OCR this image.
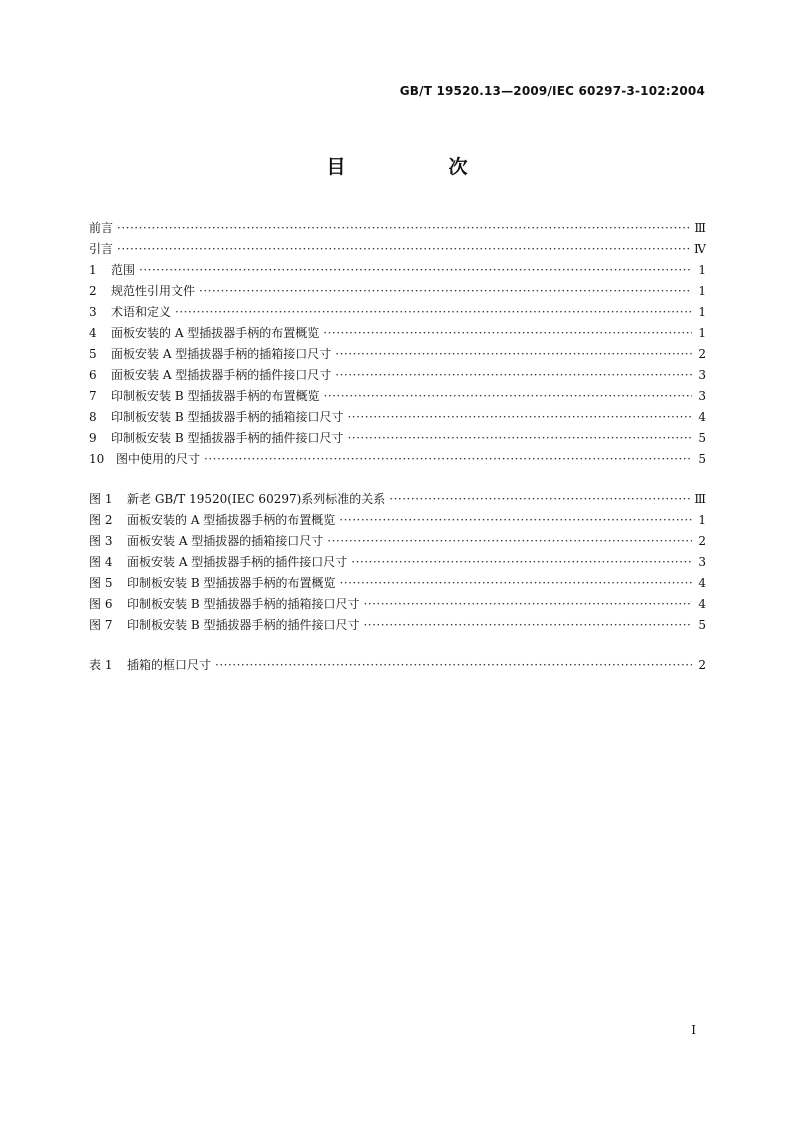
GB/T 19520.13—2009/IEC 60297-3-102:2004
目　次
前言 ·····	Ⅲ
引言 ·····	Ⅳ
1	范围 ·····	1
2	规范性引用文件 ·····	1
3	术语和定义 ·····	1
4	面板安装的 A 型插拔器手柄的布置概览 ·····	1
5	面板安装 A 型插拔器手柄的插箱接口尺寸 ·····	2
6	面板安装 A 型插拔器手柄的插件接口尺寸 ·····	3
7	印制板安装 B 型插拔器手柄的布置概览 ·····	3
8	印制板安装 B 型插拔器手柄的插箱接口尺寸 ·····	4
9	印制板安装 B 型插拔器手柄的插件接口尺寸 ·····	5
10 图中使用的尺寸 ·····	5
图 1	新老 GB/T 19520(IEC 60297)系列标准的关系 ·····	Ⅲ
图 2	面板安装的 A 型插拔器手柄的布置概览 ·····	1
图 3	面板安装 A 型插拔器的插箱接口尺寸 ·····	2
图 4	面板安装 A 型插拔器手柄的插件接口尺寸 ·····	3
图 5	印制板安装 B 型插拔器手柄的布置概览 ·····	4
图 6	印制板安装 B 型插拔器手柄的插箱接口尺寸 ·····	4
图 7	印制板安装 B 型插拔器手柄的插件接口尺寸 ·····	5
表 1	插箱的框口尺寸 ·····	2
Ⅰ
